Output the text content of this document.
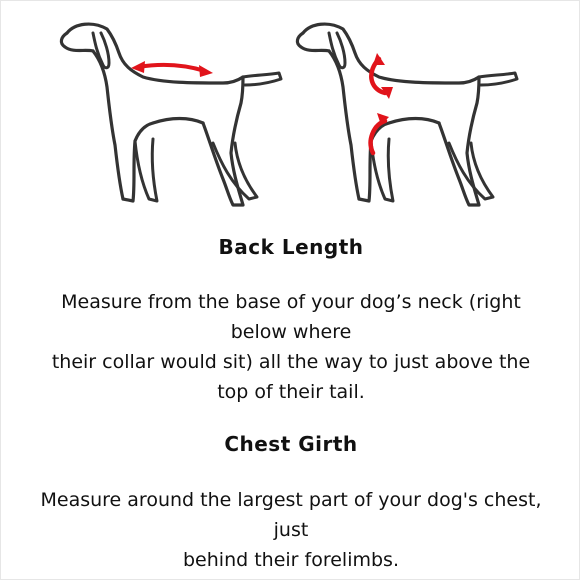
Back Length

Measure from the base of your dog’s neck (right
below where
their collar would sit) all the way to just above the
top of their tail.

Chest Girth

Measure around the largest part of your dog's chest,
just
behind their forelimbs.
